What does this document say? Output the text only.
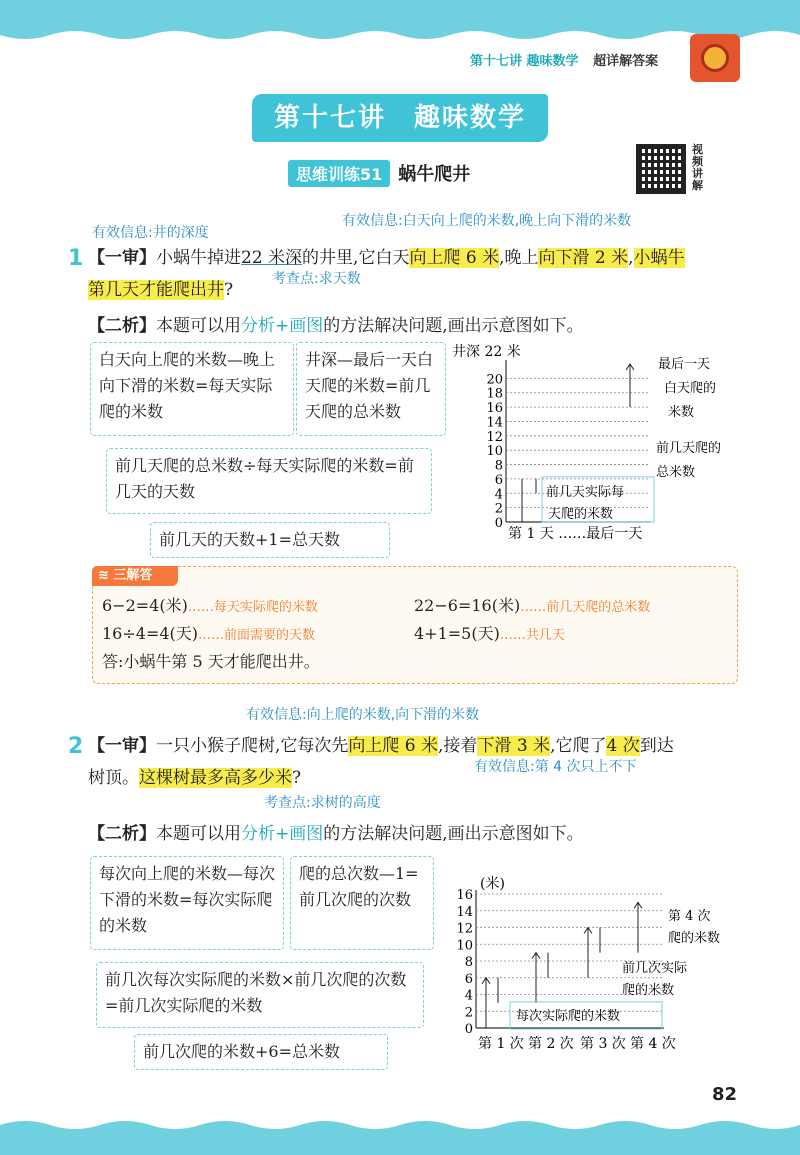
第十七讲 趣味数学 超详解答案
第十七讲　趣味数学
思维训练51 蜗牛爬井
视
频
讲
解
有效信息:井的深度
有效信息:白天向上爬的米数,晚上向下滑的米数
考查点:求天数
1 【一审】小蜗牛掉进22 米深的井里,它白天向上爬 6 米,晚上向下滑 2 米,小蜗牛
第几天才能爬出井?
【二析】本题可以用分析+画图的方法解决问题,画出示意图如下。
白天向上爬的米数—晚上向下滑的米数=每天实际爬的米数
井深—最后一天白天爬的米数=前几天爬的总米数
前几天爬的总米数÷每天实际爬的米数=前几天的天数
前几天的天数+1=总天数
井深 22 米
0
2
4
6
8
10
12
14
16
18
20
最后一天
白天爬的
米数
前几天爬的
总米数
前几天实际每
天爬的米数
第 1 天 ……最后一天
≋ 三解答
6−2=4(米)……每天实际爬的米数	22−6=16(米)……前几天爬的总米数
16÷4=4(天)……前面需要的天数	4+1=5(天)……共几天
答:小蜗牛第 5 天才能爬出井。
有效信息:向上爬的米数,向下滑的米数
有效信息:第 4 次只上不下
考查点:求树的高度
2 【一审】一只小猴子爬树,它每次先向上爬 6 米,接着下滑 3 米,它爬了4 次到达
树顶。这棵树最多高多少米?
【二析】本题可以用分析+画图的方法解决问题,画出示意图如下。
每次向上爬的米数—每次下滑的米数=每次实际爬的米数
爬的总次数—1=前几次爬的次数
前几次每次实际爬的米数×前几次爬的次数=前几次实际爬的米数
前几次爬的米数+6=总米数
(米)
0
2
4
6
8
10
12
14
16
第 4 次
爬的米数
前几次实际
爬的米数
每次实际爬的米数
第 1 次 第 2 次 第 3 次 第 4 次
82
